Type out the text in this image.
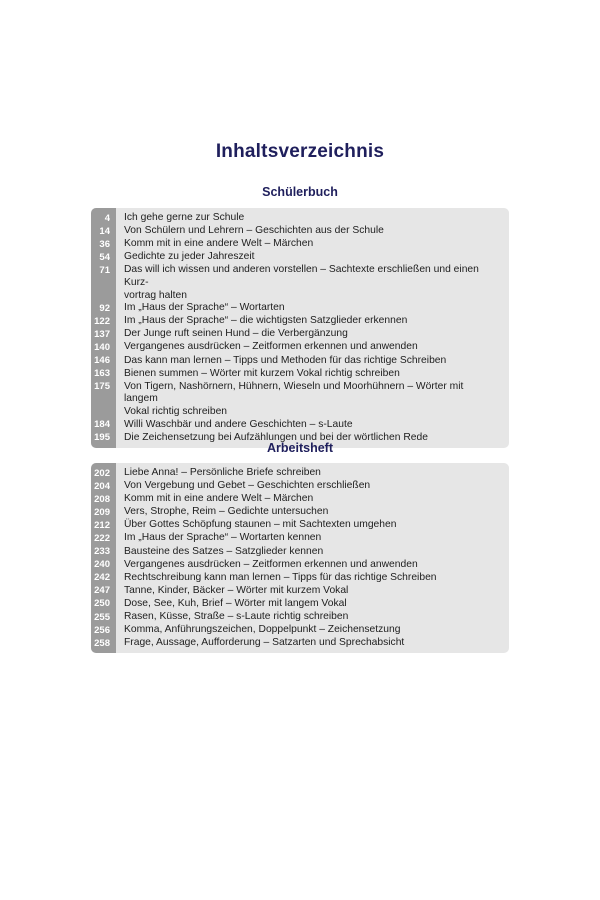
Inhaltsverzeichnis
Schülerbuch
4	Ich gehe gerne zur Schule
14	Von Schülern und Lehrern – Geschichten aus der Schule
36	Komm mit in eine andere Welt – Märchen
54	Gedichte zu jeder Jahreszeit
71	Das will ich wissen und anderen vorstellen – Sachtexte erschließen und einen Kurz-
vortrag halten
92	Im „Haus der Sprache“ – Wortarten
122	Im „Haus der Sprache“ – die wichtigsten Satzglieder erkennen
137	Der Junge ruft seinen Hund – die Verbergänzung
140	Vergangenes ausdrücken – Zeitformen erkennen und anwenden
146	Das kann man lernen – Tipps und Methoden für das richtige Schreiben
163	Bienen summen – Wörter mit kurzem Vokal richtig schreiben
175	Von Tigern, Nashörnern, Hühnern, Wieseln und Moorhühnern – Wörter mit langem
Vokal richtig schreiben
184	Willi Waschbär und andere Geschichten – s-Laute
195	Die Zeichensetzung bei Aufzählungen und bei der wörtlichen Rede
Arbeitsheft
202	Liebe Anna! – Persönliche Briefe schreiben
204	Von Vergebung und Gebet – Geschichten erschließen
208	Komm mit in eine andere Welt – Märchen
209	Vers, Strophe, Reim – Gedichte untersuchen
212	Über Gottes Schöpfung staunen – mit Sachtexten umgehen
222	Im „Haus der Sprache“ – Wortarten kennen
233	Bausteine des Satzes – Satzglieder kennen
240	Vergangenes ausdrücken – Zeitformen erkennen und anwenden
242	Rechtschreibung kann man lernen – Tipps für das richtige Schreiben
247	Tanne, Kinder, Bäcker – Wörter mit kurzem Vokal
250	Dose, See, Kuh, Brief – Wörter mit langem Vokal
255	Rasen, Küsse, Straße – s-Laute richtig schreiben
256	Komma, Anführungszeichen, Doppelpunkt – Zeichensetzung
258	Frage, Aussage, Aufforderung – Satzarten und Sprechabsicht
